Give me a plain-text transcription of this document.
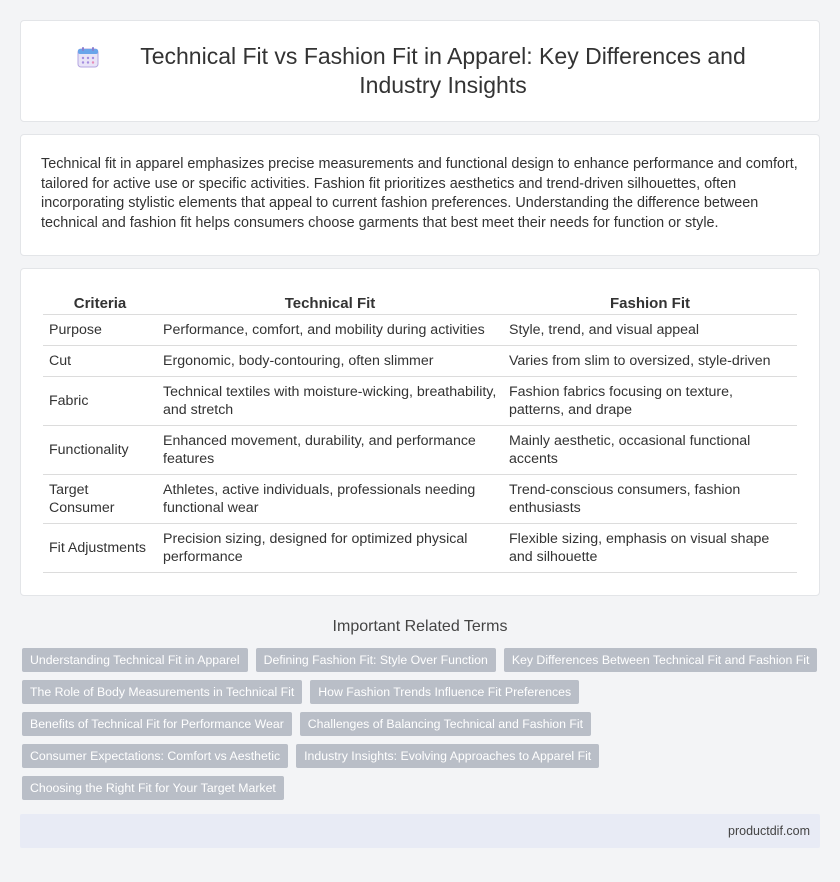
Technical Fit vs Fashion Fit in Apparel: Key Differences and Industry Insights

Technical fit in apparel emphasizes precise measurements and functional design to enhance performance and comfort, tailored for active use or specific activities. Fashion fit prioritizes aesthetics and trend-driven silhouettes, often incorporating stylistic elements that appeal to current fashion preferences. Understanding the difference between technical and fashion fit helps consumers choose garments that best meet their needs for function or style.

Criteria	Technical Fit	Fashion Fit
Purpose	Performance, comfort, and mobility during activities	Style, trend, and visual appeal
Cut	Ergonomic, body-contouring, often slimmer	Varies from slim to oversized, style-driven
Fabric	Technical textiles with moisture-wicking, breathability, and stretch	Fashion fabrics focusing on texture, patterns, and drape
Functionality	Enhanced movement, durability, and performance features	Mainly aesthetic, occasional functional accents
Target Consumer	Athletes, active individuals, professionals needing functional wear	Trend-conscious consumers, fashion enthusiasts
Fit Adjustments	Precision sizing, designed for optimized physical performance	Flexible sizing, emphasis on visual shape and silhouette
Important Related Terms
Understanding Technical Fit in Apparel	Defining Fashion Fit: Style Over Function	Key Differences Between Technical Fit and Fashion Fit
The Role of Body Measurements in Technical Fit	How Fashion Trends Influence Fit Preferences
Benefits of Technical Fit for Performance Wear	Challenges of Balancing Technical and Fashion Fit
Consumer Expectations: Comfort vs Aesthetic	Industry Insights: Evolving Approaches to Apparel Fit
Choosing the Right Fit for Your Target Market
productdif.com
